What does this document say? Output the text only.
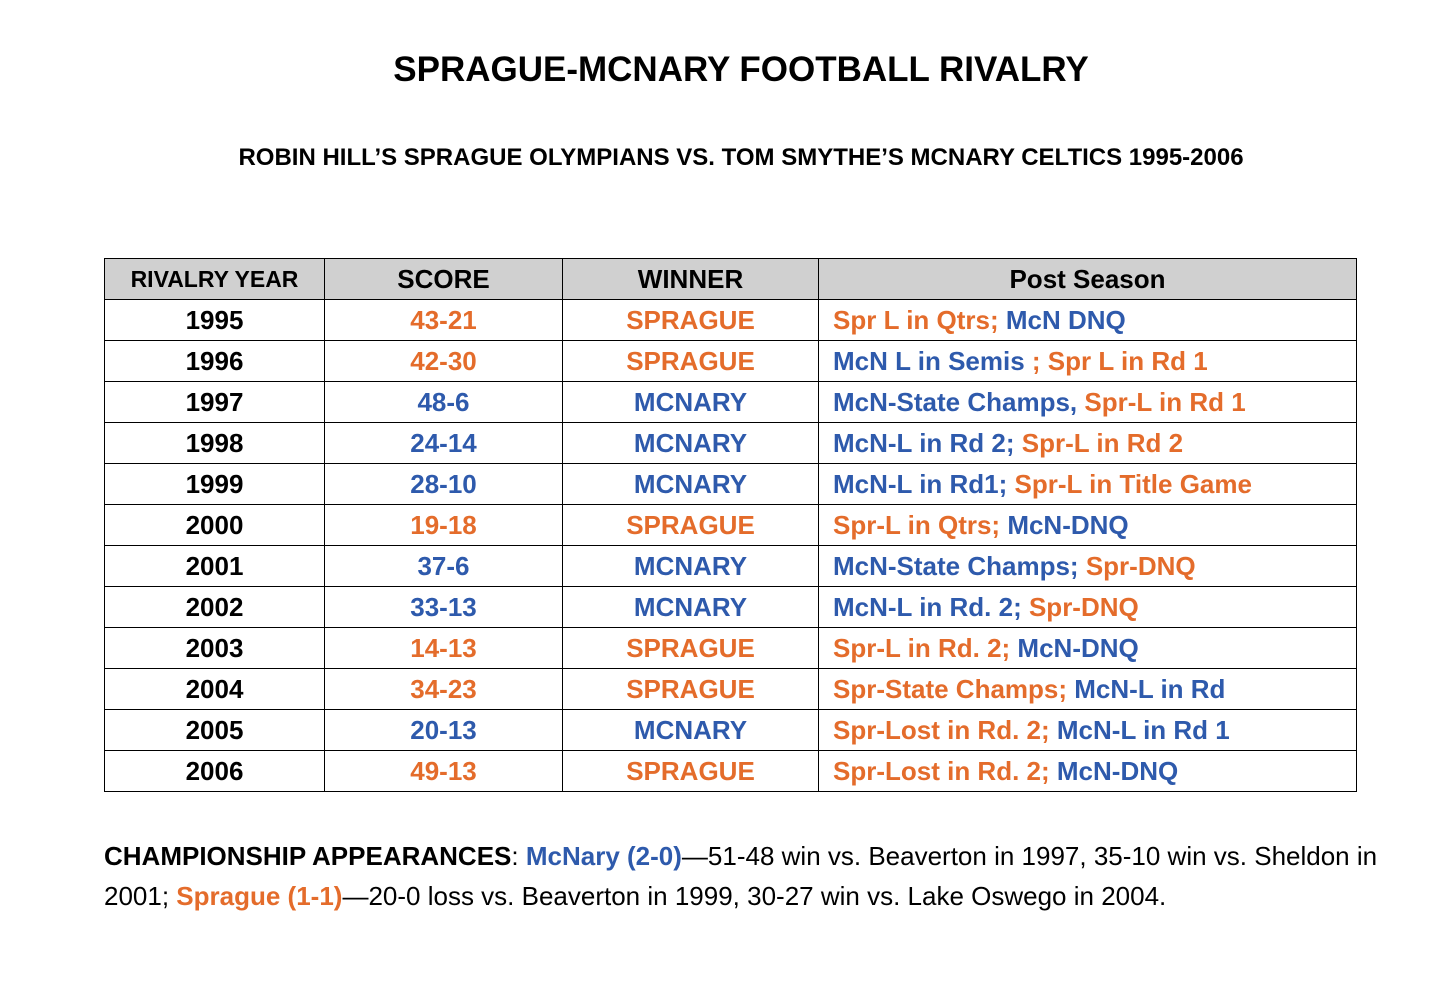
SPRAGUE-MCNARY FOOTBALL RIVALRY
ROBIN HILL’S SPRAGUE OLYMPIANS VS. TOM SMYTHE’S MCNARY CELTICS 1995-2006
RIVALRY YEAR	SCORE	WINNER	Post Season
1995	43-21	SPRAGUE	Spr L in Qtrs; McN DNQ
1996	42-30	SPRAGUE	McN L in Semis ; Spr L in Rd 1
1997	48-6	MCNARY	McN-State Champs, Spr-L in Rd 1
1998	24-14	MCNARY	McN-L in Rd 2; Spr-L in Rd 2
1999	28-10	MCNARY	McN-L in Rd1; Spr-L in Title Game
2000	19-18	SPRAGUE	Spr-L in Qtrs; McN-DNQ
2001	37-6	MCNARY	McN-State Champs; Spr-DNQ
2002	33-13	MCNARY	McN-L in Rd. 2; Spr-DNQ
2003	14-13	SPRAGUE	Spr-L in Rd. 2; McN-DNQ
2004	34-23	SPRAGUE	Spr-State Champs; McN-L in Rd
2005	20-13	MCNARY	Spr-Lost in Rd. 2; McN-L in Rd 1
2006	49-13	SPRAGUE	Spr-Lost in Rd. 2; McN-DNQ
CHAMPIONSHIP APPEARANCES: McNary (2-0)—51-48 win vs. Beaverton in 1997, 35-10 win vs. Sheldon in 2001; Sprague (1-1)—20-0 loss vs. Beaverton in 1999, 30-27 win vs. Lake Oswego in 2004.
